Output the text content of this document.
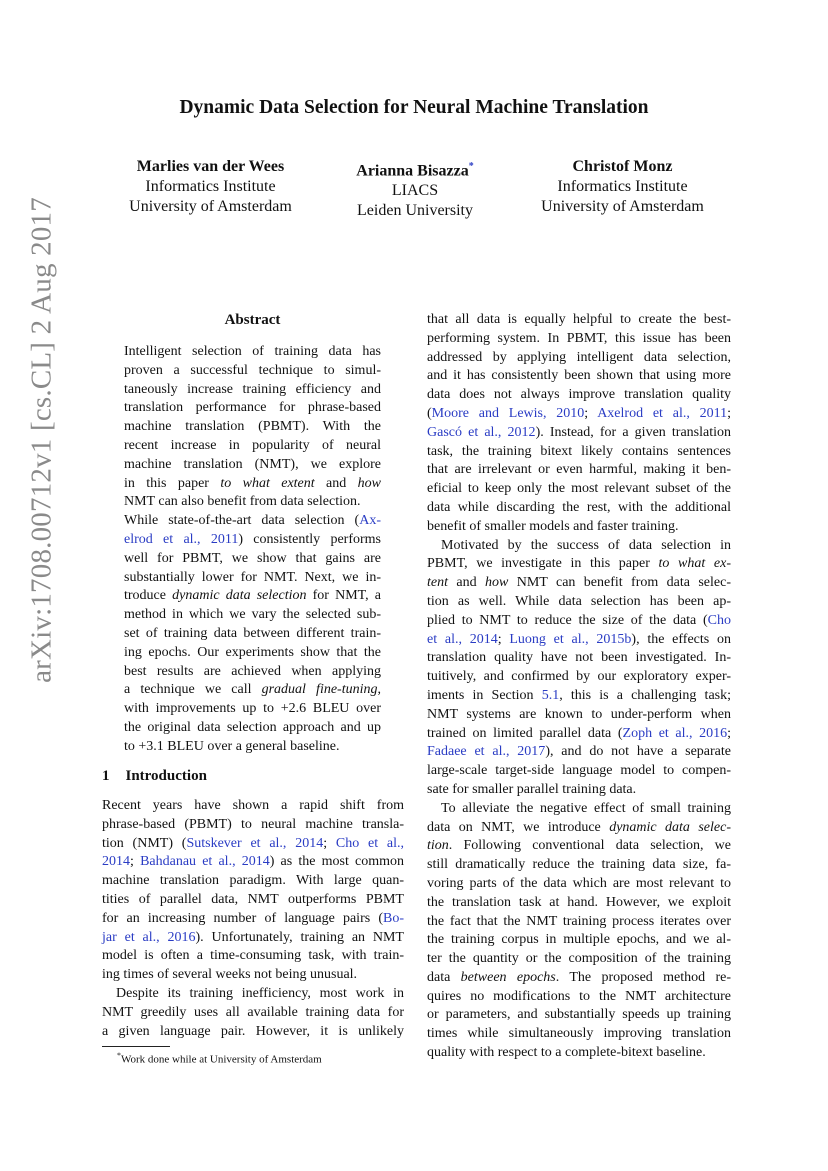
Dynamic Data Selection for Neural Machine Translation
Marlies van der Wees
Informatics Institute
University of Amsterdam
Arianna Bisazza*
LIACS
Leiden University
Christof Monz
Informatics Institute
University of Amsterdam
arXiv:1708.00712v1 [cs.CL] 2 Aug 2017	Abstract
Intelligent selection of training data has
proven a successful technique to simul-
taneously increase training efficiency and
translation performance for phrase-based
machine translation (PBMT). With the
recent increase in popularity of neural
machine translation (NMT), we explore
in this paper to what extent and how
NMT can also benefit from data selection.
While state-of-the-art data selection (Ax-
elrod et al., 2011) consistently performs
well for PBMT, we show that gains are
substantially lower for NMT. Next, we in-
troduce dynamic data selection for NMT, a
method in which we vary the selected sub-
set of training data between different train-
ing epochs. Our experiments show that the
best results are achieved when applying
a technique we call gradual fine-tuning,
with improvements up to +2.6 BLEU over
the original data selection approach and up
to +3.1 BLEU over a general baseline.
1 Introduction
Recent years have shown a rapid shift from
phrase-based (PBMT) to neural machine transla-
tion (NMT) (Sutskever et al., 2014; Cho et al.,
2014; Bahdanau et al., 2014) as the most common
machine translation paradigm. With large quan-
tities of parallel data, NMT outperforms PBMT
for an increasing number of language pairs (Bo-
jar et al., 2016). Unfortunately, training an NMT
model is often a time-consuming task, with train-
ing times of several weeks not being unusual.
Despite its training inefficiency, most work in
NMT greedily uses all available training data for
a given language pair. However, it is unlikely
that all data is equally helpful to create the best-
performing system. In PBMT, this issue has been
addressed by applying intelligent data selection,
and it has consistently been shown that using more
data does not always improve translation quality
(Moore and Lewis, 2010; Axelrod et al., 2011;
Gascó et al., 2012). Instead, for a given translation
task, the training bitext likely contains sentences
that are irrelevant or even harmful, making it ben-
eficial to keep only the most relevant subset of the
data while discarding the rest, with the additional
benefit of smaller models and faster training.
Motivated by the success of data selection in
PBMT, we investigate in this paper to what ex-
tent and how NMT can benefit from data selec-
tion as well. While data selection has been ap-
plied to NMT to reduce the size of the data (Cho
et al., 2014; Luong et al., 2015b), the effects on
translation quality have not been investigated. In-
tuitively, and confirmed by our exploratory exper-
iments in Section 5.1, this is a challenging task;
NMT systems are known to under-perform when
trained on limited parallel data (Zoph et al., 2016;
Fadaee et al., 2017), and do not have a separate
large-scale target-side language model to compen-
sate for smaller parallel training data.
To alleviate the negative effect of small training
data on NMT, we introduce dynamic data selec-
tion. Following conventional data selection, we
still dramatically reduce the training data size, fa-
voring parts of the data which are most relevant to
the translation task at hand. However, we exploit
the fact that the NMT training process iterates over
the training corpus in multiple epochs, and we al-
ter the quantity or the composition of the training
data between epochs. The proposed method re-
quires no modifications to the NMT architecture
or parameters, and substantially speeds up training
times while simultaneously improving translation
quality with respect to a complete-bitext baseline.
*Work done while at University of Amsterdam
